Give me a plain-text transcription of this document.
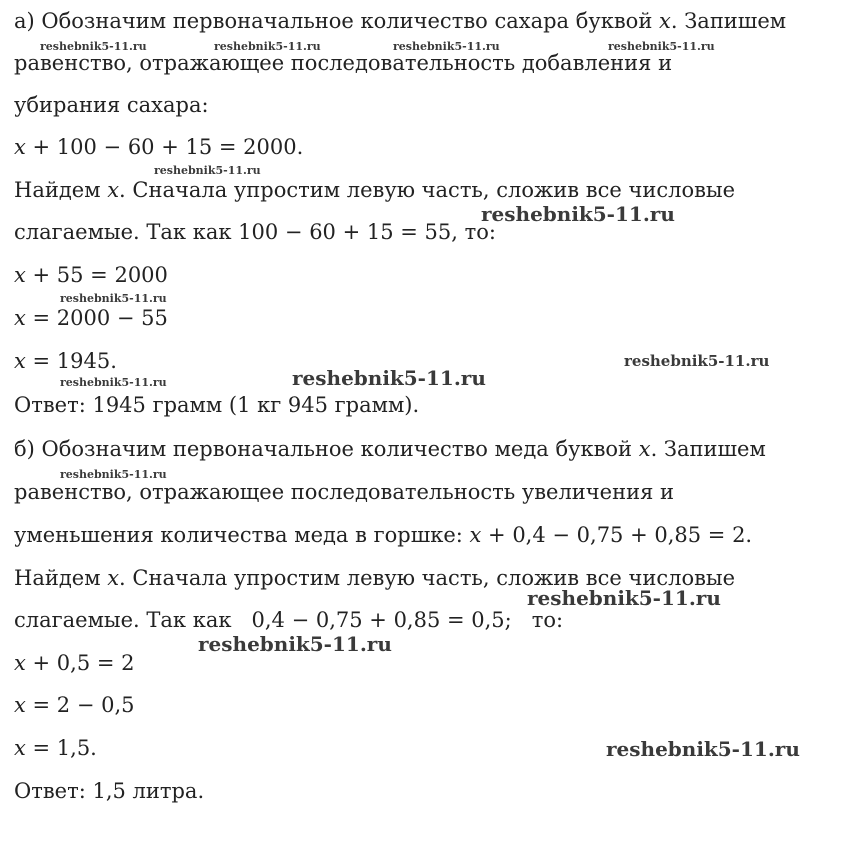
а) Обозначим первоначальное количество сахара буквой x. Запишем
равенство, отражающее последовательность добавления и
убирания сахара:
x + 100 − 60 + 15 = 2000.
Найдем x. Сначала упростим левую часть, сложив все числовые
слагаемые. Так как 100 − 60 + 15 = 55, то:
x + 55 = 2000
x = 2000 − 55
x = 1945.
Ответ: 1945 грамм (1 кг 945 грамм).
б) Обозначим первоначальное количество меда буквой x. Запишем
равенство, отражающее последовательность увеличения и
уменьшения количества меда в горшке: x + 0,4 − 0,75 + 0,85 = 2.
Найдем x. Сначала упростим левую часть, сложив все числовые
слагаемые. Так как   0,4 − 0,75 + 0,85 = 0,5;   то:
x + 0,5 = 2
x = 2 − 0,5
x = 1,5.
Ответ: 1,5 литра.
reshebnik5-11.ru	reshebnik5-11.ru	reshebnik5-11.ru	reshebnik5-11.ru
reshebnik5-11.ru
reshebnik5-11.ru
reshebnik5-11.ru
reshebnik5-11.ru
reshebnik5-11.ru
reshebnik5-11.ru
reshebnik5-11.ru
reshebnik5-11.ru
reshebnik5-11.ru
reshebnik5-11.ru
